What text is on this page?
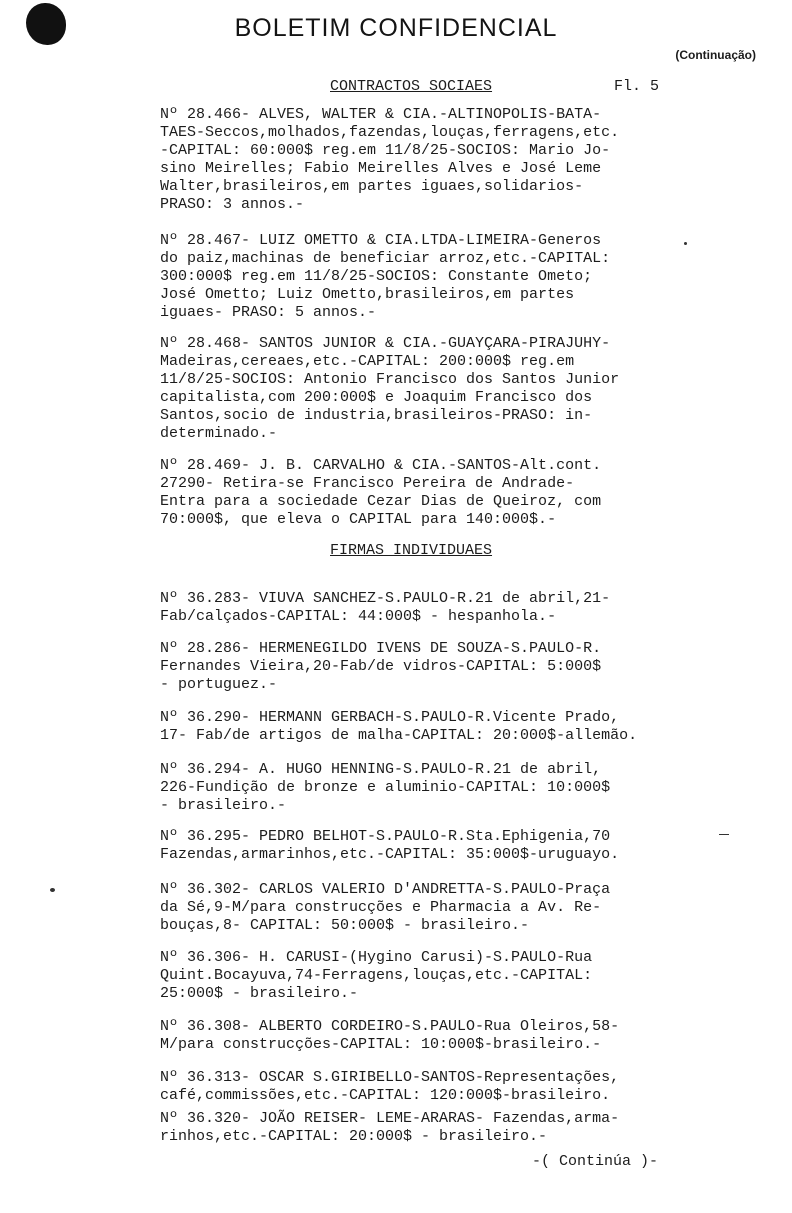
BOLETIM CONFIDENCIAL
(Continuação)
CONTRACTOS SOCIAES	Fl. 5
Nº 28.466- ALVES, WALTER & CIA.-ALTINOPOLIS-BATA-
TAES-Seccos,molhados,fazendas,louças,ferragens,etc.
-CAPITAL: 60:000$ reg.em 11/8/25-SOCIOS: Mario Jo-
sino Meirelles; Fabio Meirelles Alves e José Leme
Walter,brasileiros,em partes iguaes,solidarios-
PRASO: 3 annos.-
Nº 28.467- LUIZ OMETTO & CIA.LTDA-LIMEIRA-Generos
do paiz,machinas de beneficiar arroz,etc.-CAPITAL:
300:000$ reg.em 11/8/25-SOCIOS: Constante Ometo;
José Ometto; Luiz Ometto,brasileiros,em partes
iguaes- PRASO: 5 annos.-
Nº 28.468- SANTOS JUNIOR & CIA.-GUAYÇARA-PIRAJUHY-
Madeiras,cereaes,etc.-CAPITAL: 200:000$ reg.em
11/8/25-SOCIOS: Antonio Francisco dos Santos Junior
capitalista,com 200:000$ e Joaquim Francisco dos
Santos,socio de industria,brasileiros-PRASO: in-
determinado.-
Nº 28.469- J. B. CARVALHO & CIA.-SANTOS-Alt.cont.
27290- Retira-se Francisco Pereira de Andrade-
Entra para a sociedade Cezar Dias de Queiroz, com
70:000$, que eleva o CAPITAL para 140:000$.-
FIRMAS INDIVIDUAES
Nº 36.283- VIUVA SANCHEZ-S.PAULO-R.21 de abril,21-
Fab/calçados-CAPITAL: 44:000$ - hespanhola.-
Nº 28.286- HERMENEGILDO IVENS DE SOUZA-S.PAULO-R.
Fernandes Vieira,20-Fab/de vidros-CAPITAL: 5:000$
- portuguez.-
Nº 36.290- HERMANN GERBACH-S.PAULO-R.Vicente Prado,
17- Fab/de artigos de malha-CAPITAL: 20:000$-allemão.
Nº 36.294- A. HUGO HENNING-S.PAULO-R.21 de abril,
226-Fundição de bronze e aluminio-CAPITAL: 10:000$
- brasileiro.-
Nº 36.295- PEDRO BELHOT-S.PAULO-R.Sta.Ephigenia,70
Fazendas,armarinhos,etc.-CAPITAL: 35:000$-uruguayo.
Nº 36.302- CARLOS VALERIO D'ANDRETTA-S.PAULO-Praça
da Sé,9-M/para construcções e Pharmacia a Av. Re-
bouças,8- CAPITAL: 50:000$ - brasileiro.-
Nº 36.306- H. CARUSI-(Hygino Carusi)-S.PAULO-Rua
Quint.Bocayuva,74-Ferragens,louças,etc.-CAPITAL:
25:000$ - brasileiro.-
Nº 36.308- ALBERTO CORDEIRO-S.PAULO-Rua Oleiros,58-
M/para construcções-CAPITAL: 10:000$-brasileiro.-
Nº 36.313- OSCAR S.GIRIBELLO-SANTOS-Representações,
café,commissões,etc.-CAPITAL: 120:000$-brasileiro.
Nº 36.320- JOÃO REISER- LEME-ARARAS- Fazendas,arma-
rinhos,etc.-CAPITAL: 20:000$ - brasileiro.-
-( Continúa )-
